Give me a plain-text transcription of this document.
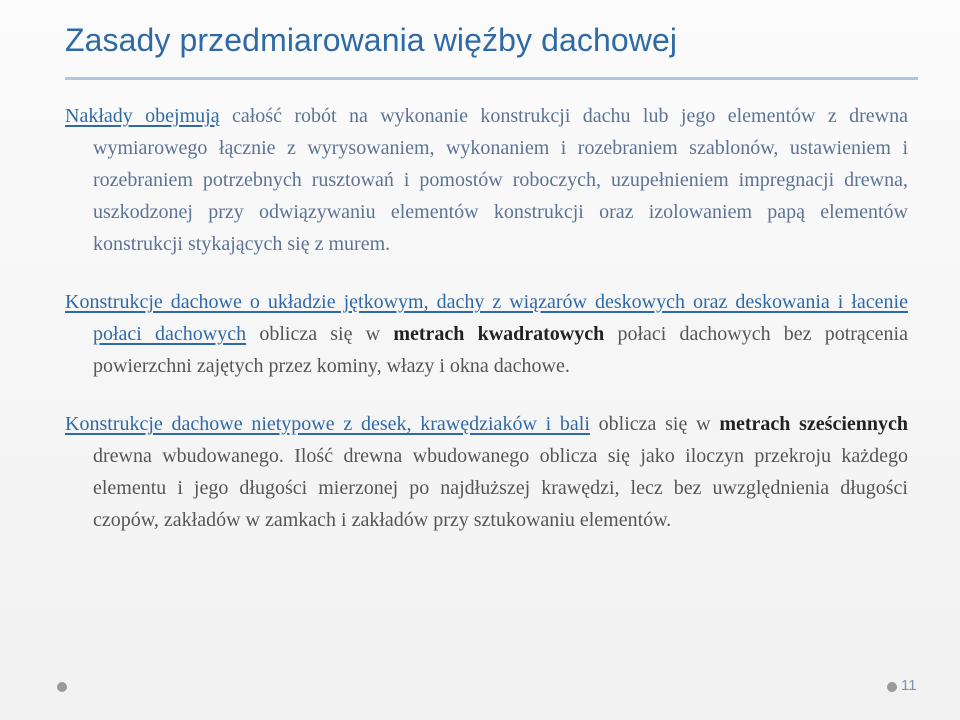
Zasady przedmiarowania więźby dachowej

Nakłady obejmują całość robót na wykonanie konstrukcji dachu lub jego elementów z drewna wymiarowego łącznie z wyrysowaniem, wykonaniem i rozebraniem szablonów, ustawieniem i rozebraniem potrzebnych rusztowań i pomostów roboczych, uzupełnieniem impregnacji drewna, uszkodzonej przy odwiązywaniu elementów konstrukcji oraz izolowaniem papą elementów konstrukcji stykających się z murem.

Konstrukcje dachowe o układzie jętkowym, dachy z wiązarów deskowych oraz deskowania i łacenie połaci dachowych oblicza się w metrach kwadratowych połaci dachowych bez potrącenia powierzchni zajętych przez kominy, włazy i okna dachowe.

Konstrukcje dachowe nietypowe z desek, krawędziaków i bali oblicza się w metrach sześciennych drewna wbudowanego. Ilość drewna wbudowanego oblicza się jako iloczyn przekroju każdego elementu i jego długości mierzonej po najdłuższej krawędzi, lecz bez uwzględnienia długości czopów, zakładów w zamkach i zakładów przy sztukowaniu elementów.

11
